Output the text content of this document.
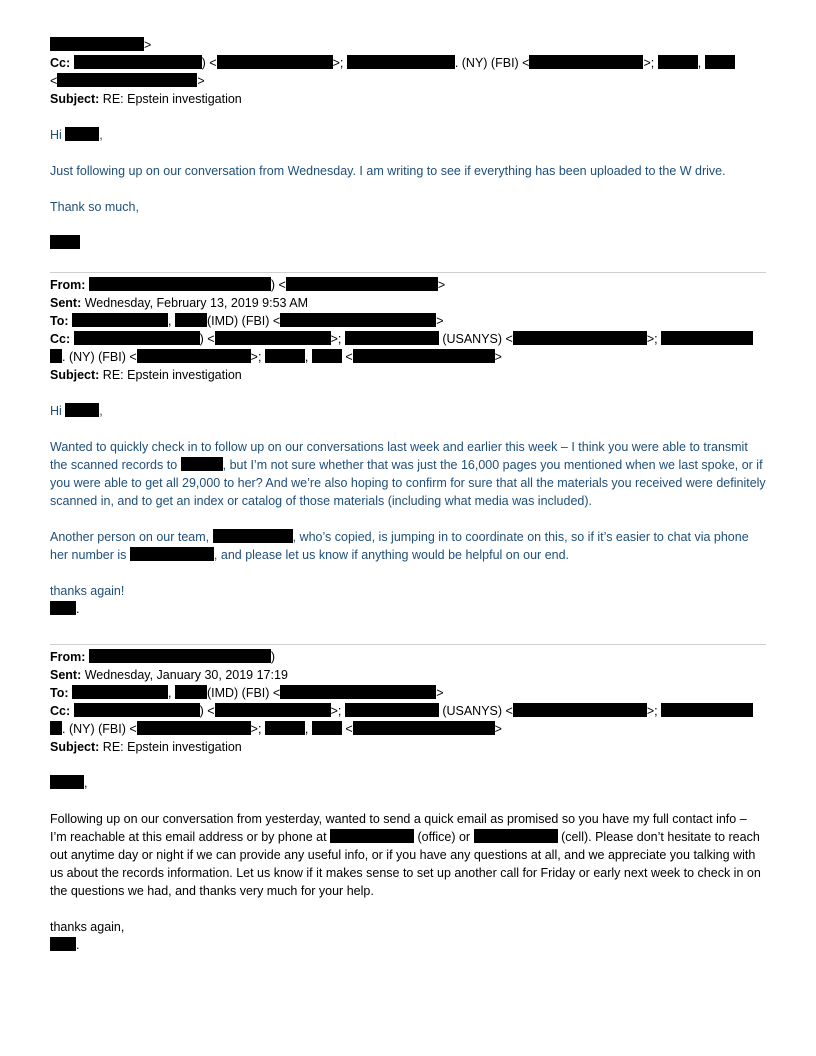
>
Cc:	) <	>;	. (NY) (FBI) <	>;	,
<	>
Subject: RE: Epstein investigation
Hi	,
Just following up on our conversation from Wednesday. I am writing to see if everything has been uploaded to the W drive.
Thank so much,
From:	) <	>
Sent: Wednesday, February 13, 2019 9:53 AM
To:	,	(IMD) (FBI) <	>
Cc:	) <	>;	(USANYS) <	>;
. (NY) (FBI) <	>;	,  <	>
Subject: RE: Epstein investigation
Hi	,
Wanted to quickly check in to follow up on our conversations last week and earlier this week – I think you were able to transmit the scanned records to	, but I’m not sure whether that was just the 16,000 pages you mentioned when we last spoke, or if you were able to get all 29,000 to her? And we’re also hoping to confirm for sure that all the materials you received were definitely scanned in, and to get an index or catalog of those materials (including what media was included).
Another person on our team,	, who’s copied, is jumping in to coordinate on this, so if it’s easier to chat via phone her number is	, and please let us know if anything would be helpful on our end.
thanks again!
.
From:	)
Sent: Wednesday, January 30, 2019 17:19
To:	,	(IMD) (FBI) <	>
Cc:	) <	>;	(USANYS) <	>;
. (NY) (FBI) <	>;	,  <	>
Subject: RE: Epstein investigation
,
Following up on our conversation from yesterday, wanted to send a quick email as promised so you have my full contact info – I’m reachable at this email address or by phone at	(office) or	(cell). Please don’t hesitate to reach out anytime day or night if we can provide any useful info, or if you have any questions at all, and we appreciate you talking with us about the records information. Let us know if it makes sense to set up another call for Friday or early next week to check in on the questions we had, and thanks very much for your help.
thanks again,
.
